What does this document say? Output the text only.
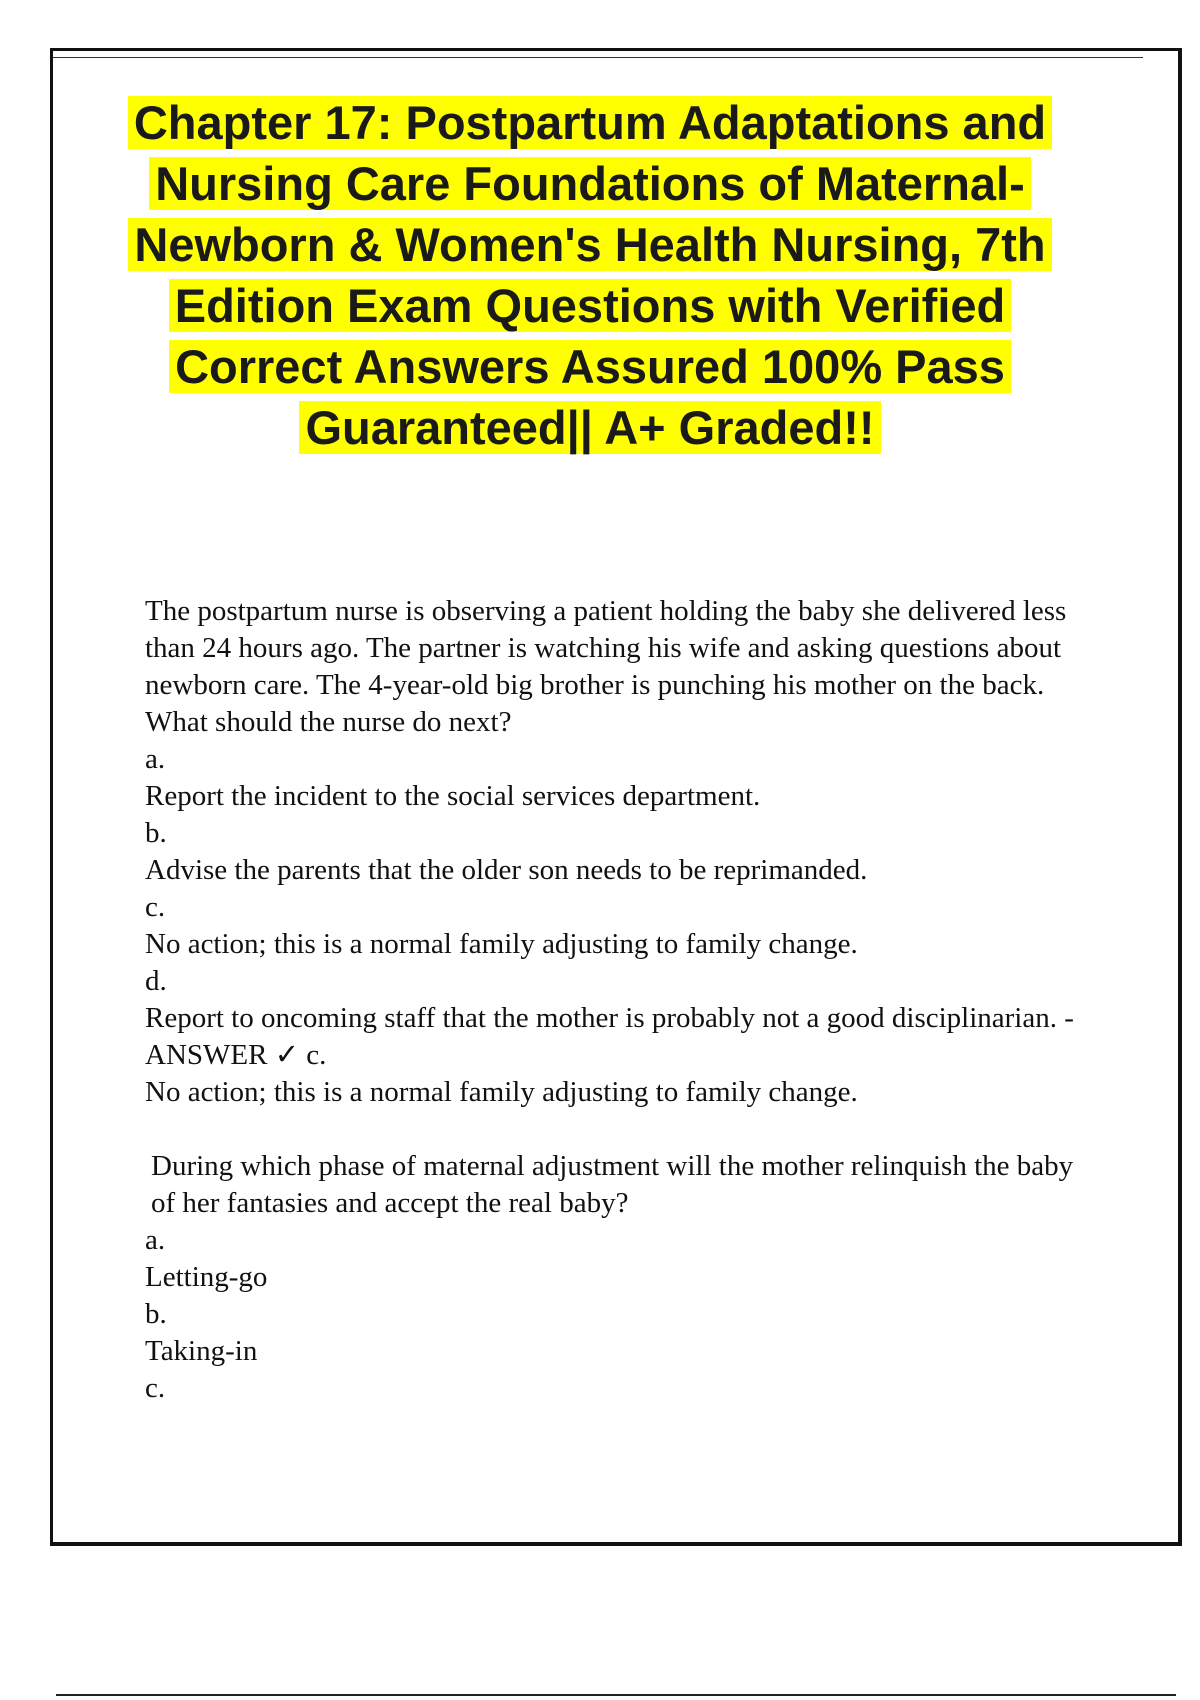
Chapter 17: Postpartum Adaptations and Nursing Care Foundations of Maternal-Newborn & Women's Health Nursing, 7th Edition Exam Questions with Verified Correct Answers Assured 100% Pass Guaranteed|| A+ Graded!!

The postpartum nurse is observing a patient holding the baby she delivered less than 24 hours ago. The partner is watching his wife and asking questions about newborn care. The 4-year-old big brother is punching his mother on the back. What should the nurse do next?

a.

Report the incident to the social services department.

b.

Advise the parents that the older son needs to be reprimanded.

c.

No action; this is a normal family adjusting to family change.

d.

Report to oncoming staff that the mother is probably not a good disciplinarian. - ANSWER ✓ c.

No action; this is a normal family adjusting to family change.

During which phase of maternal adjustment will the mother relinquish the baby of her fantasies and accept the real baby?

a.

Letting-go

b.

Taking-in

c.
